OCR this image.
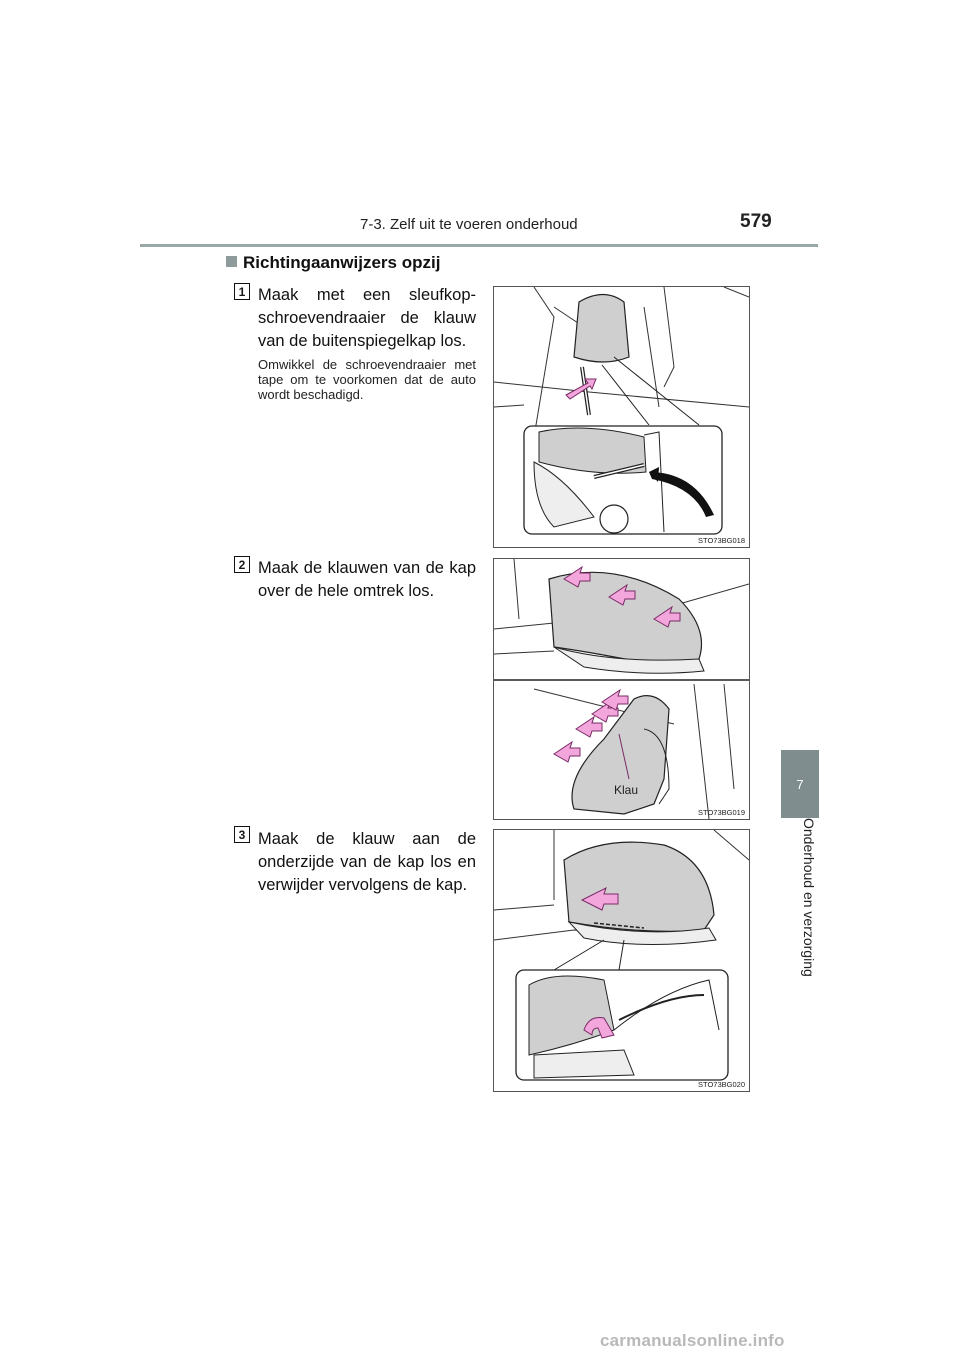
7-3. Zelf uit te voeren onderhoud	579
7
Onderhoud en verzorging
Richtingaanwijzers opzij
1 Maak met een sleufkop-schroevendraaier de klauw van de buitenspiegelkap los.
Omwikkel de schroevendraaier met tape om te voorkomen dat de auto wordt beschadigd.
STO73BG018
2 Maak de klauwen van de kap over de hele omtrek los.
Klau
STO73BG019
3 Maak de klauw aan de onderzijde van de kap los en verwijder vervolgens de kap.
STO73BG020
carmanualsonline.info
